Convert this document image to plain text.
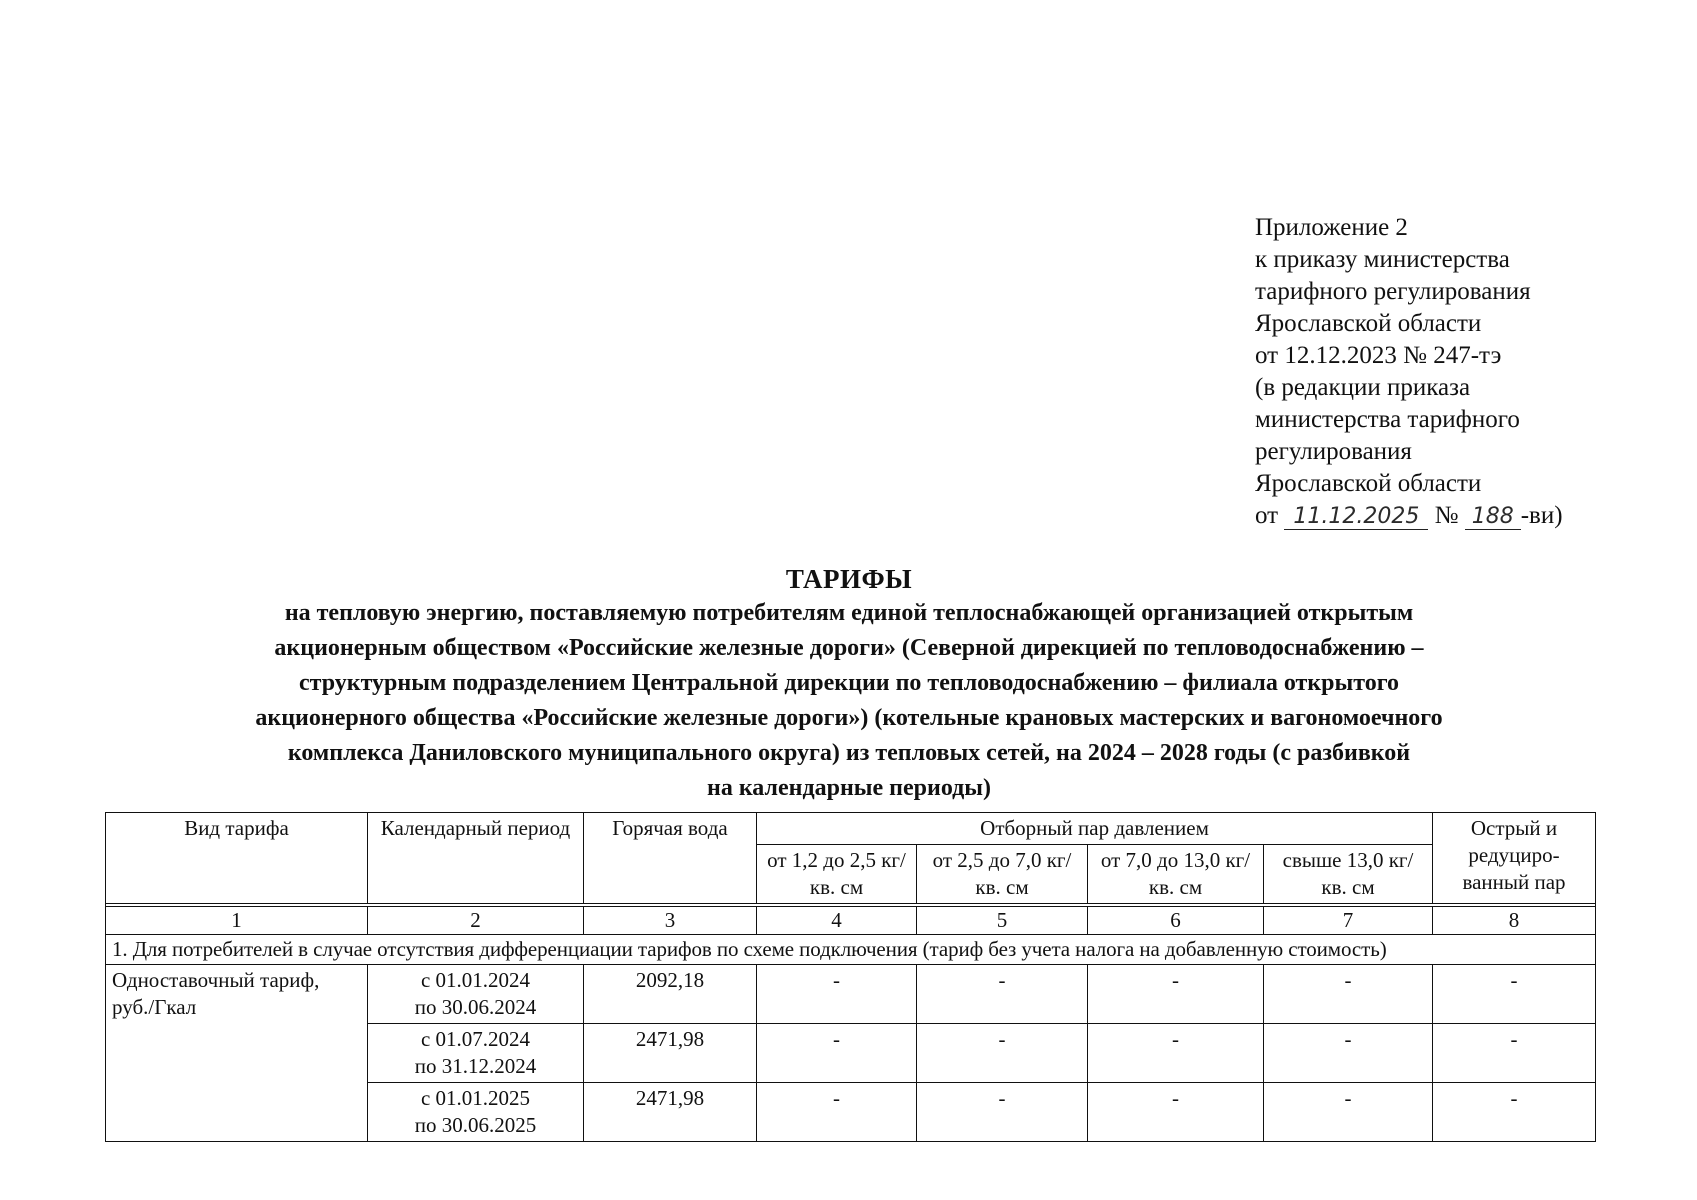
Приложение 2
к приказу министерства
тарифного регулирования
Ярославской области
от 12.12.2023 № 247-тэ
(в редакции приказа
министерства тарифного
регулирования
Ярославской области
от 11.12.2025 № 188 -ви)
ТАРИФЫ
на тепловую энергию, поставляемую потребителям единой теплоснабжающей организацией открытым
акционерным обществом «Российские железные дороги» (Северной дирекцией по тепловодоснабжению –
структурным подразделением Центральной дирекции по тепловодоснабжению – филиала открытого
акционерного общества «Российские железные дороги») (котельные крановых мастерских и вагономоечного
комплекса Даниловского муниципального округа) из тепловых сетей, на 2024 – 2028 годы (с разбивкой
на календарные периоды)
Вид тарифа	Календарный период	Горячая вода	Отборный пар давлением				Острый и редуциро-ванный пар
			от 1,2 до 2,5 кг/ кв. см	от 2,5 до 7,0 кг/ кв. см	от 7,0 до 13,0 кг/ кв. см	свыше 13,0 кг/ кв. см	

1	2	3	4	5	6	7	8
1. Для потребителей в случае отсутствия дифференциации тарифов по схеме подключения (тариф без учета налога на добавленную стоимость)							
Одноставочный тариф, руб./Гкал	с 01.01.2024
по 30.06.2024	2092,18	-	-	-	-	-

	с 01.07.2024
по 31.12.2024	2471,98	-	-	-	-	-

	с 01.01.2025
по 30.06.2025	2471,98	-	-	-	-	-
